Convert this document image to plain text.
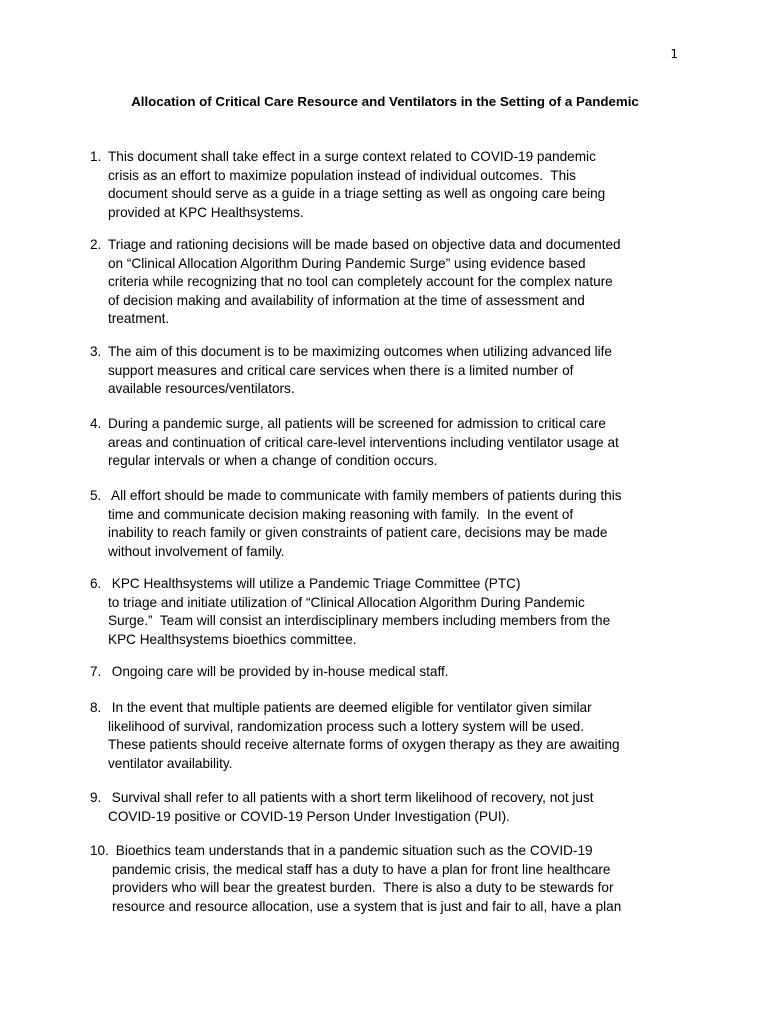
1
Allocation of Critical Care Resource and Ventilators in the Setting of a Pandemic
1. This document shall take effect in a surge context related to COVID-19 pandemic
crisis as an effort to maximize population instead of individual outcomes.  This
document should serve as a guide in a triage setting as well as ongoing care being
provided at KPC Healthsystems.
2. Triage and rationing decisions will be made based on objective data and documented
on “Clinical Allocation Algorithm During Pandemic Surge” using evidence based
criteria while recognizing that no tool can completely account for the complex nature
of decision making and availability of information at the time of assessment and
treatment.
3. The aim of this document is to be maximizing outcomes when utilizing advanced life
support measures and critical care services when there is a limited number of
available resources/ventilators.
4. During a pandemic surge, all patients will be screened for admission to critical care
areas and continuation of critical care-level interventions including ventilator usage at
regular intervals or when a change of condition occurs.
5. All effort should be made to communicate with family members of patients during this
time and communicate decision making reasoning with family.  In the event of
inability to reach family or given constraints of patient care, decisions may be made
without involvement of family.
6. KPC Healthsystems will utilize a Pandemic Triage Committee (PTC)
to triage and initiate utilization of “Clinical Allocation Algorithm During Pandemic
Surge.”  Team will consist an interdisciplinary members including members from the
KPC Healthsystems bioethics committee.
7. Ongoing care will be provided by in-house medical staff.
8. In the event that multiple patients are deemed eligible for ventilator given similar
likelihood of survival, randomization process such a lottery system will be used.
These patients should receive alternate forms of oxygen therapy as they are awaiting
ventilator availability.
9. Survival shall refer to all patients with a short term likelihood of recovery, not just
COVID-19 positive or COVID-19 Person Under Investigation (PUI).
10. Bioethics team understands that in a pandemic situation such as the COVID-19
pandemic crisis, the medical staff has a duty to have a plan for front line healthcare
providers who will bear the greatest burden.  There is also a duty to be stewards for
resource and resource allocation, use a system that is just and fair to all, have a plan
